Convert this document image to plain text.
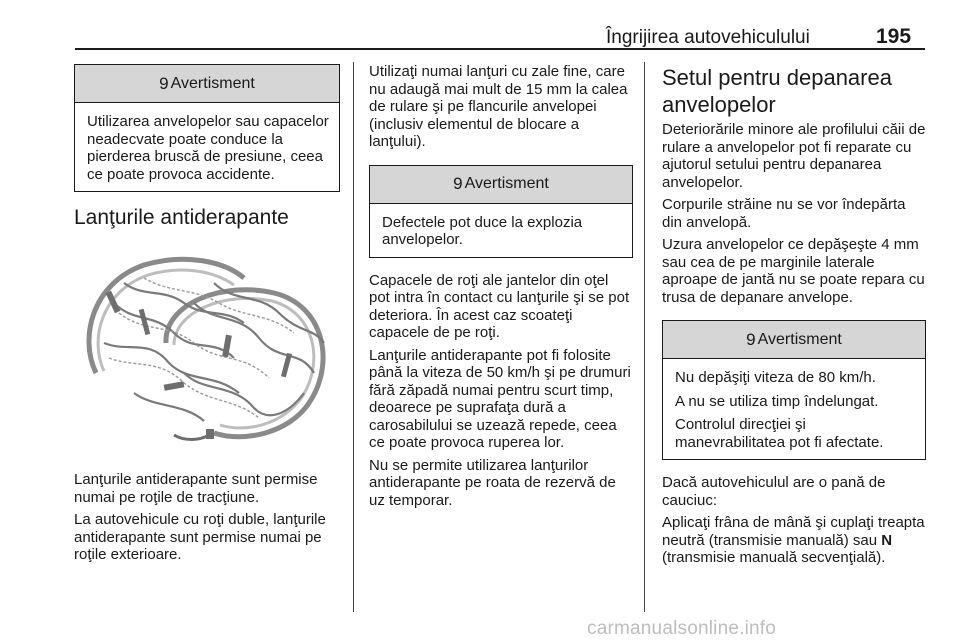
Îngrijirea autovehiculului	195
9 Avertisment

Utilizarea anvelopelor sau capacelor neadecvate poate conduce la pierderea bruscă de presiune, ceea ce poate provoca accidente.

Lanţurile antiderapante

Lanţurile antiderapante sunt permise numai pe roţile de tracţiune.

La autovehicule cu roţi duble, lanţurile antiderapante sunt permise numai pe roţile exterioare.

Utilizaţi numai lanţuri cu zale fine, care nu adaugă mai mult de 15 mm la calea de rulare şi pe flancurile anvelopei (inclusiv elementul de blocare a lanţului).

9 Avertisment

Defectele pot duce la explozia anvelopelor.

Capacele de roţi ale jantelor din oţel pot intra în contact cu lanţurile şi se pot deteriora. În acest caz scoateţi capacele de pe roţi.

Lanţurile antiderapante pot fi folosite până la viteza de 50 km/h şi pe drumuri fără zăpadă numai pentru scurt timp, deoarece pe suprafaţa dură a carosabilului se uzează repede, ceea ce poate provoca ruperea lor.

Nu se permite utilizarea lanţurilor antiderapante pe roata de rezervă de uz temporar.

Setul pentru depanarea anvelopelor

Deteriorările minore ale profilului căii de rulare a anvelopelor pot fi reparate cu ajutorul setului pentru depanarea anvelopelor.

Corpurile străine nu se vor îndepărta din anvelopă.

Uzura anvelopelor ce depăşeşte 4 mm sau cea de pe marginile laterale aproape de jantă nu se poate repara cu trusa de depanare anvelope.

9 Avertisment

Nu depăşiţi viteza de 80 km/h.

A nu se utiliza timp îndelungat.

Controlul direcţiei şi manevrabilitatea pot fi afectate.

Dacă autovehiculul are o pană de cauciuc:

Aplicaţi frâna de mână şi cuplaţi treapta neutră (transmisie manuală) sau N (transmisie manuală secvenţială).

carmanualsonline.info
